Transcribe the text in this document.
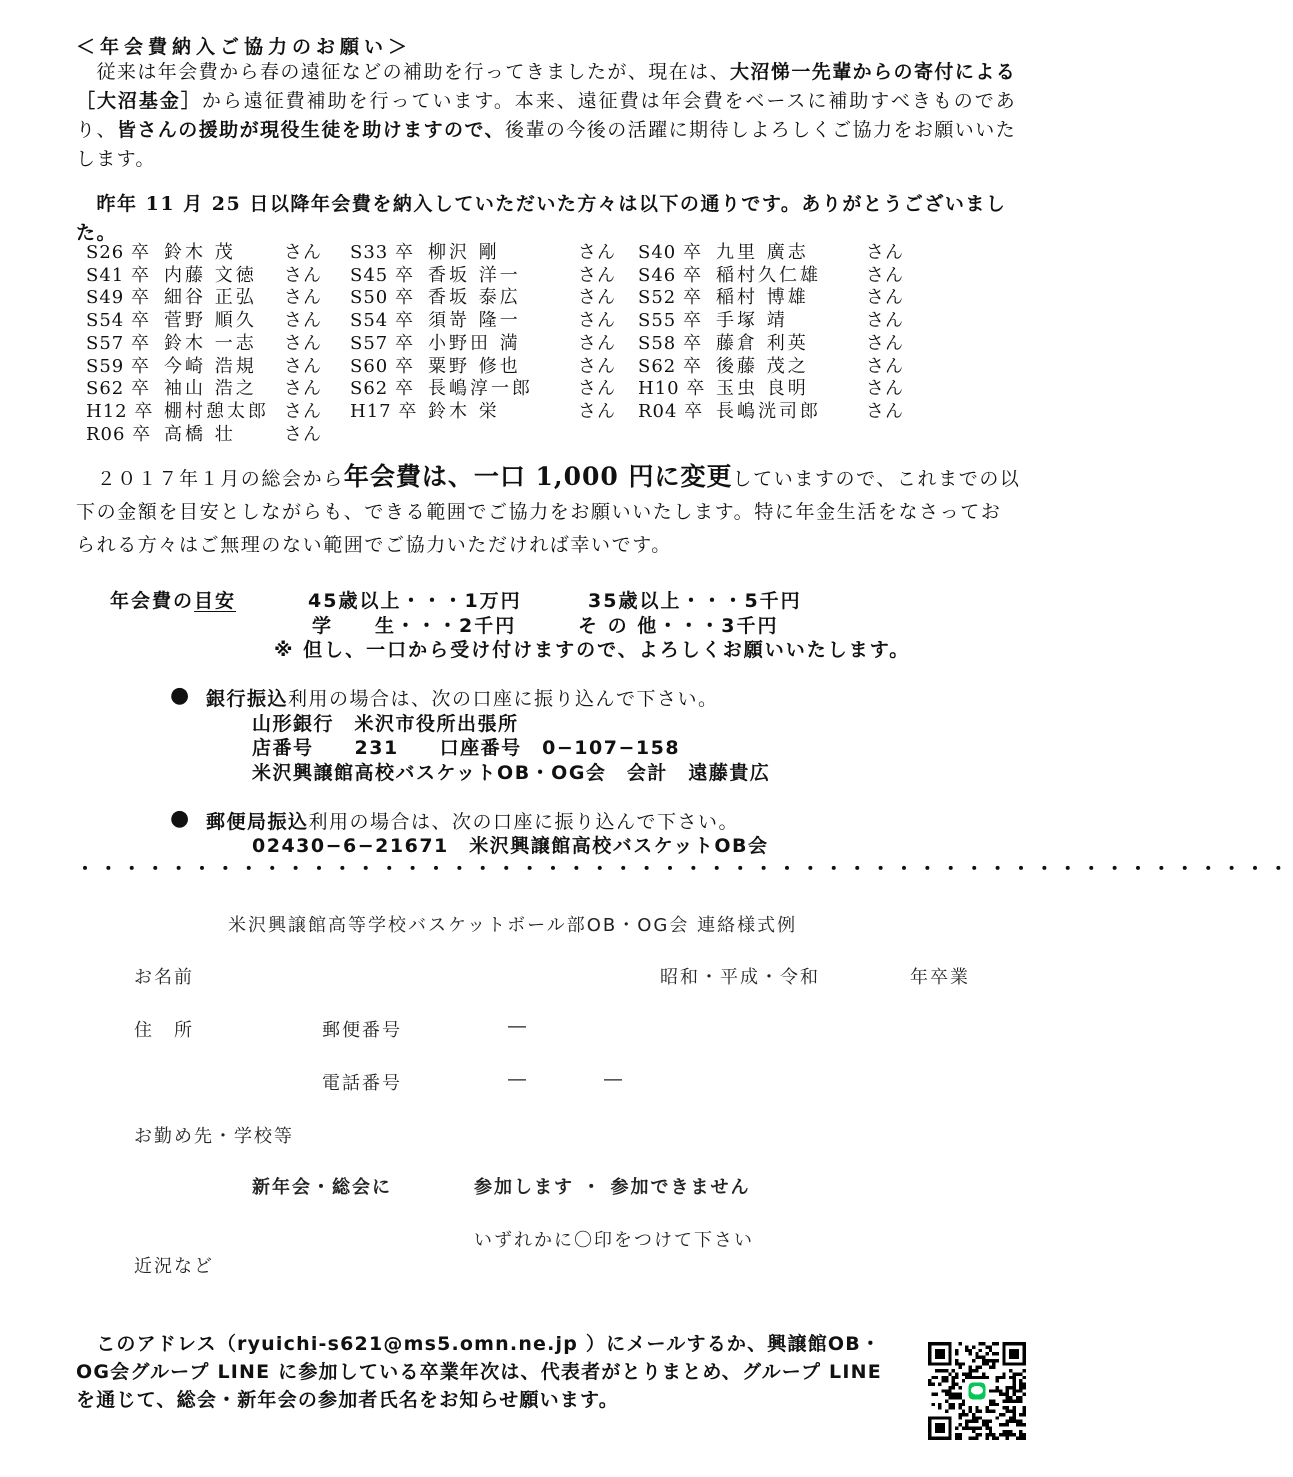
＜年会費納入ご協力のお願い＞
　従来は年会費から春の遠征などの補助を行ってきましたが、現在は、大沼悌一先輩からの寄付による［大沼基金］から遠征費補助を行っています。本来、遠征費は年会費をベースに補助すべきものであり、皆さんの援助が現役生徒を助けますので、後輩の今後の活躍に期待しよろしくご協力をお願いいたします。
　昨年 11 月 25 日以降年会費を納入していただいた方々は以下の通りです。ありがとうございました。
S26 卒 鈴木 茂	さん S33 卒 柳沢 剛	さん S40 卒 九里 廣志	さん
S41 卒 内藤 文徳 さん S45 卒 香坂 洋一	さん S46 卒 稲村久仁雄	さん
S49 卒 細谷 正弘 さん S50 卒 香坂 泰広	さん S52 卒 稲村 博雄	さん
S54 卒 菅野 順久 さん S54 卒 須嵜 隆一	さん S55 卒 手塚 靖	さん
S57 卒 鈴木 一志 さん S57 卒 小野田 満	さん S58 卒 藤倉 利英	さん
S59 卒 今崎 浩規 さん S60 卒 粟野 修也	さん S62 卒 後藤 茂之	さん
S62 卒 袖山 浩之 さん S62 卒 長嶋淳一郎	さん H10 卒 玉虫 良明	さん
H12 卒 棚村憩太郎 さん H17 卒 鈴木 栄	さん R04 卒 長嶋洸司郎	さん
R06 卒 高橋 壮	さん
　２０１７年１月の総会から年会費は、一口 1,000 円に変更していますので、これまでの以下の金額を目安としながらも、できる範囲でご協力をお願いいたします。特に年金生活をなさっておられる方々はご無理のない範囲でご協力いただければ幸いです。
年会費の目安	45歳以上・・・1万円	35歳以上・・・5千円
学　　生・・・2千円	そ の 他・・・3千円
※ 但し、一口から受け付けますので、よろしくお願いいたします。
● 銀行振込利用の場合は、次の口座に振り込んで下さい。
山形銀行　米沢市役所出張所
店番号　　231　　口座番号　0−107−158
米沢興譲館高校バスケットOB・OG会　会計　遠藤貴広
● 郵便局振込利用の場合は、次の口座に振り込んで下さい。
02430−6−21671　米沢興譲館高校バスケットOB会
・・・・・・・・・・・・・・・・・・・・・・・・・・・・・・・・・・・・・・・・・・・・・・・・・・・・
米沢興譲館高等学校バスケットボール部OB・OG会 連絡様式例
お名前	昭和・平成・令和	年卒業
住　所	郵便番号	―
電話番号	―	―
お勤め先・学校等
新年会・総会に	参加します ・ 参加できません
いずれかに〇印をつけて下さい
近況など
　このアドレス（ryuichi-s621@ms5.omn.ne.jp ）にメールするか、興譲館OB・OG会グループ LINE に参加している卒業年次は、代表者がとりまとめ、グループ LINE を通じて、総会・新年会の参加者氏名をお知らせ願います。
